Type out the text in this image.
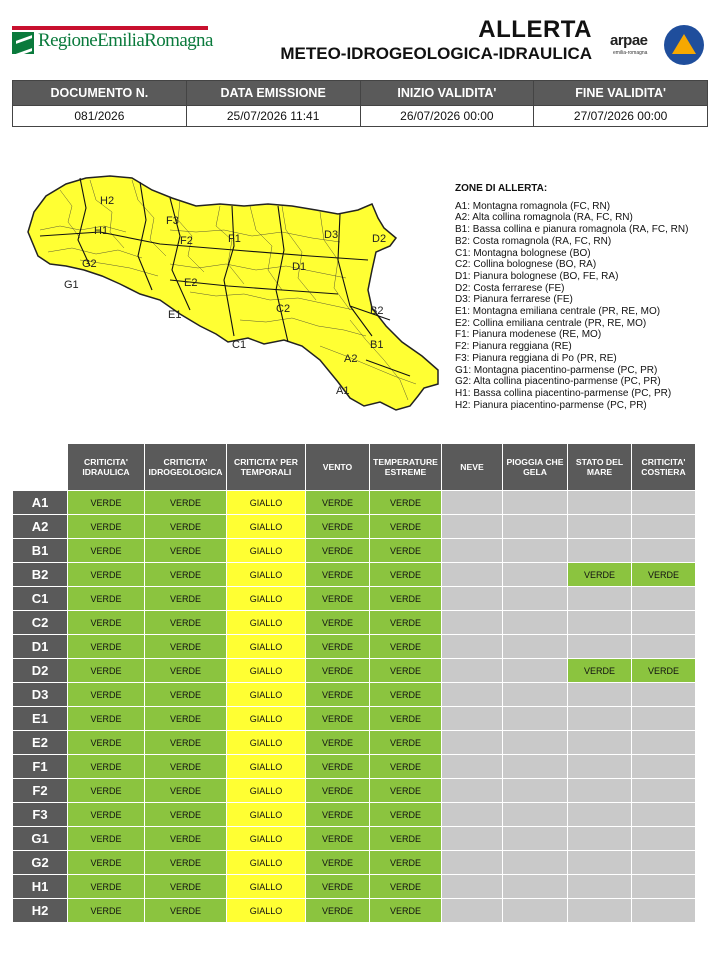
RegioneEmiliaRomagna	ALLERTA
METEO-IDROGEOLOGICA-IDRAULICA
arpae
emilia-romagna
DOCUMENTO N.	DATA EMISSIONE	INIZIO VALIDITA'	FINE VALIDITA'
081/2026	25/07/2026 11:41	26/07/2026 00:00	27/07/2026 00:00
H2
H1
G2
G1
F3
F2	F1	D3	D2
D1
E2
E1	C2
C1
B2
B1
A2
A1
ZONE DI ALLERTA:
A1: Montagna romagnola (FC, RN)
A2: Alta collina romagnola (RA, FC, RN)
B1: Bassa collina e pianura romagnola (RA, FC, RN)
B2: Costa romagnola (RA, FC, RN)
C1: Montagna bolognese (BO)
C2: Collina bolognese (BO, RA)
D1: Pianura bolognese (BO, FE, RA)
D2: Costa ferrarese (FE)
D3: Pianura ferrarese (FE)
E1: Montagna emiliana centrale (PR, RE, MO)
E2: Collina emiliana centrale (PR, RE, MO)
F1: Pianura modenese (RE, MO)
F2: Pianura reggiana (RE)
F3: Pianura reggiana di Po (PR, RE)
G1: Montagna piacentino-parmense (PC, PR)
G2: Alta collina piacentino-parmense (PC, PR)
H1: Bassa collina piacentino-parmense (PC, PR)
H2: Pianura piacentino-parmense (PC, PR)
	CRITICITA' IDRAULICA	CRITICITA' IDROGEOLOGICA	CRITICITA' PER TEMPORALI	VENTO	TEMPERATURE ESTREME	NEVE	PIOGGIA CHE GELA	STATO DEL MARE	CRITICITA' COSTIERA
A1	VERDE	VERDE	GIALLO	VERDE	VERDE				
A2	VERDE	VERDE	GIALLO	VERDE	VERDE				
B1	VERDE	VERDE	GIALLO	VERDE	VERDE				
B2	VERDE	VERDE	GIALLO	VERDE	VERDE			VERDE	VERDE
C1	VERDE	VERDE	GIALLO	VERDE	VERDE				
C2	VERDE	VERDE	GIALLO	VERDE	VERDE				
D1	VERDE	VERDE	GIALLO	VERDE	VERDE				
D2	VERDE	VERDE	GIALLO	VERDE	VERDE			VERDE	VERDE
D3	VERDE	VERDE	GIALLO	VERDE	VERDE				
E1	VERDE	VERDE	GIALLO	VERDE	VERDE				
E2	VERDE	VERDE	GIALLO	VERDE	VERDE				
F1	VERDE	VERDE	GIALLO	VERDE	VERDE				
F2	VERDE	VERDE	GIALLO	VERDE	VERDE				
F3	VERDE	VERDE	GIALLO	VERDE	VERDE				
G1	VERDE	VERDE	GIALLO	VERDE	VERDE				
G2	VERDE	VERDE	GIALLO	VERDE	VERDE				
H1	VERDE	VERDE	GIALLO	VERDE	VERDE				
H2	VERDE	VERDE	GIALLO	VERDE	VERDE				
